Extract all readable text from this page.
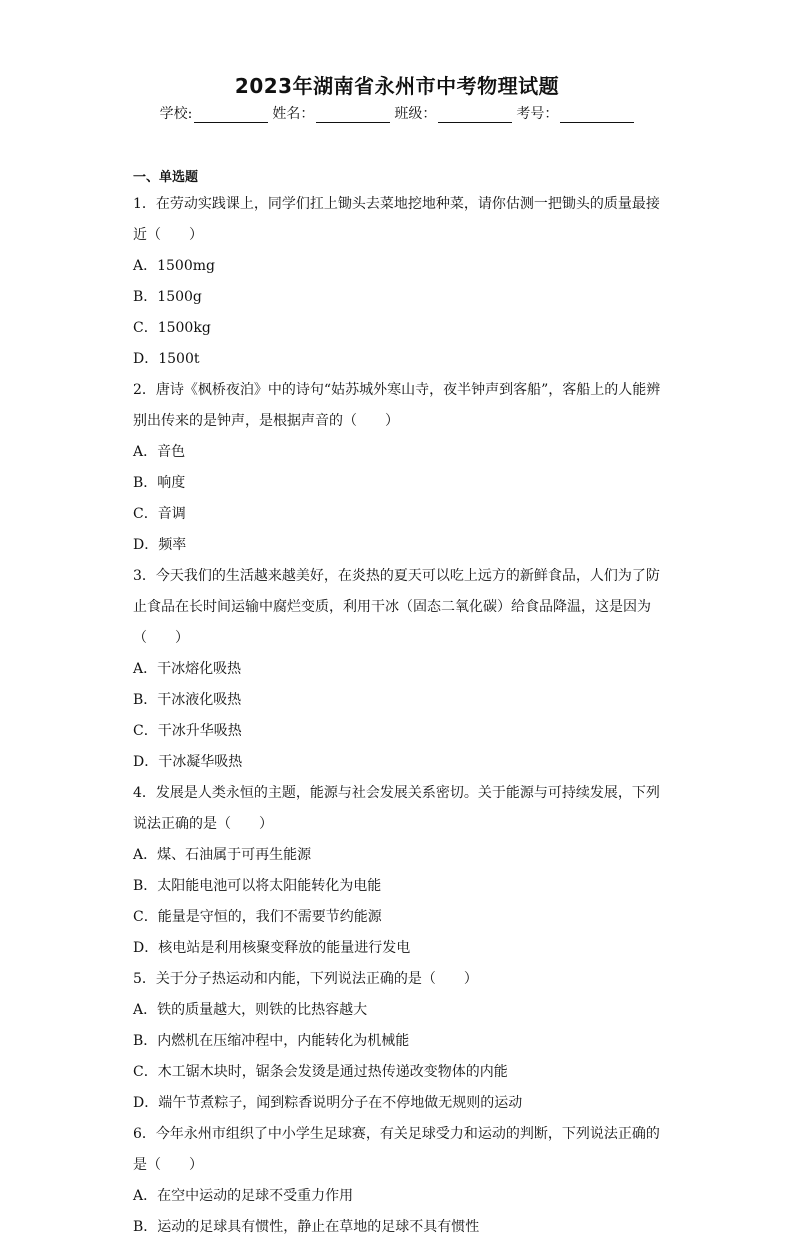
2023年湖南省永州市中考物理试题
学校:	姓名：	班级：	考号：
一、单选题

1．在劳动实践课上，同学们扛上锄头去菜地挖地种菜，请你估测一把锄头的质量最接近（　　）

A．1500mg
B．1500g
C．1500kg
D．1500t

2．唐诗《枫桥夜泊》中的诗句“姑苏城外寒山寺，夜半钟声到客船”，客船上的人能辨别出传来的是钟声，是根据声音的（　　）

A．音色
B．响度
C．音调
D．频率

3．今天我们的生活越来越美好，在炎热的夏天可以吃上远方的新鲜食品，人们为了防止食品在长时间运输中腐烂变质，利用干冰（固态二氧化碳）给食品降温，这是因为（　　）

A．干冰熔化吸热
B．干冰液化吸热
C．干冰升华吸热
D．干冰凝华吸热

4．发展是人类永恒的主题，能源与社会发展关系密切。关于能源与可持续发展，下列说法正确的是（　　）

A．煤、石油属于可再生能源
B．太阳能电池可以将太阳能转化为电能
C．能量是守恒的，我们不需要节约能源
D．核电站是利用核聚变释放的能量进行发电

5．关于分子热运动和内能，下列说法正确的是（　　）

A．铁的质量越大，则铁的比热容越大
B．内燃机在压缩冲程中，内能转化为机械能
C．木工锯木块时，锯条会发烫是通过热传递改变物体的内能
D．端午节煮粽子，闻到粽香说明分子在不停地做无规则的运动

6．今年永州市组织了中小学生足球赛，有关足球受力和运动的判断，下列说法正确的是（　　）

A．在空中运动的足球不受重力作用
B．运动的足球具有惯性，静止在草地的足球不具有惯性
